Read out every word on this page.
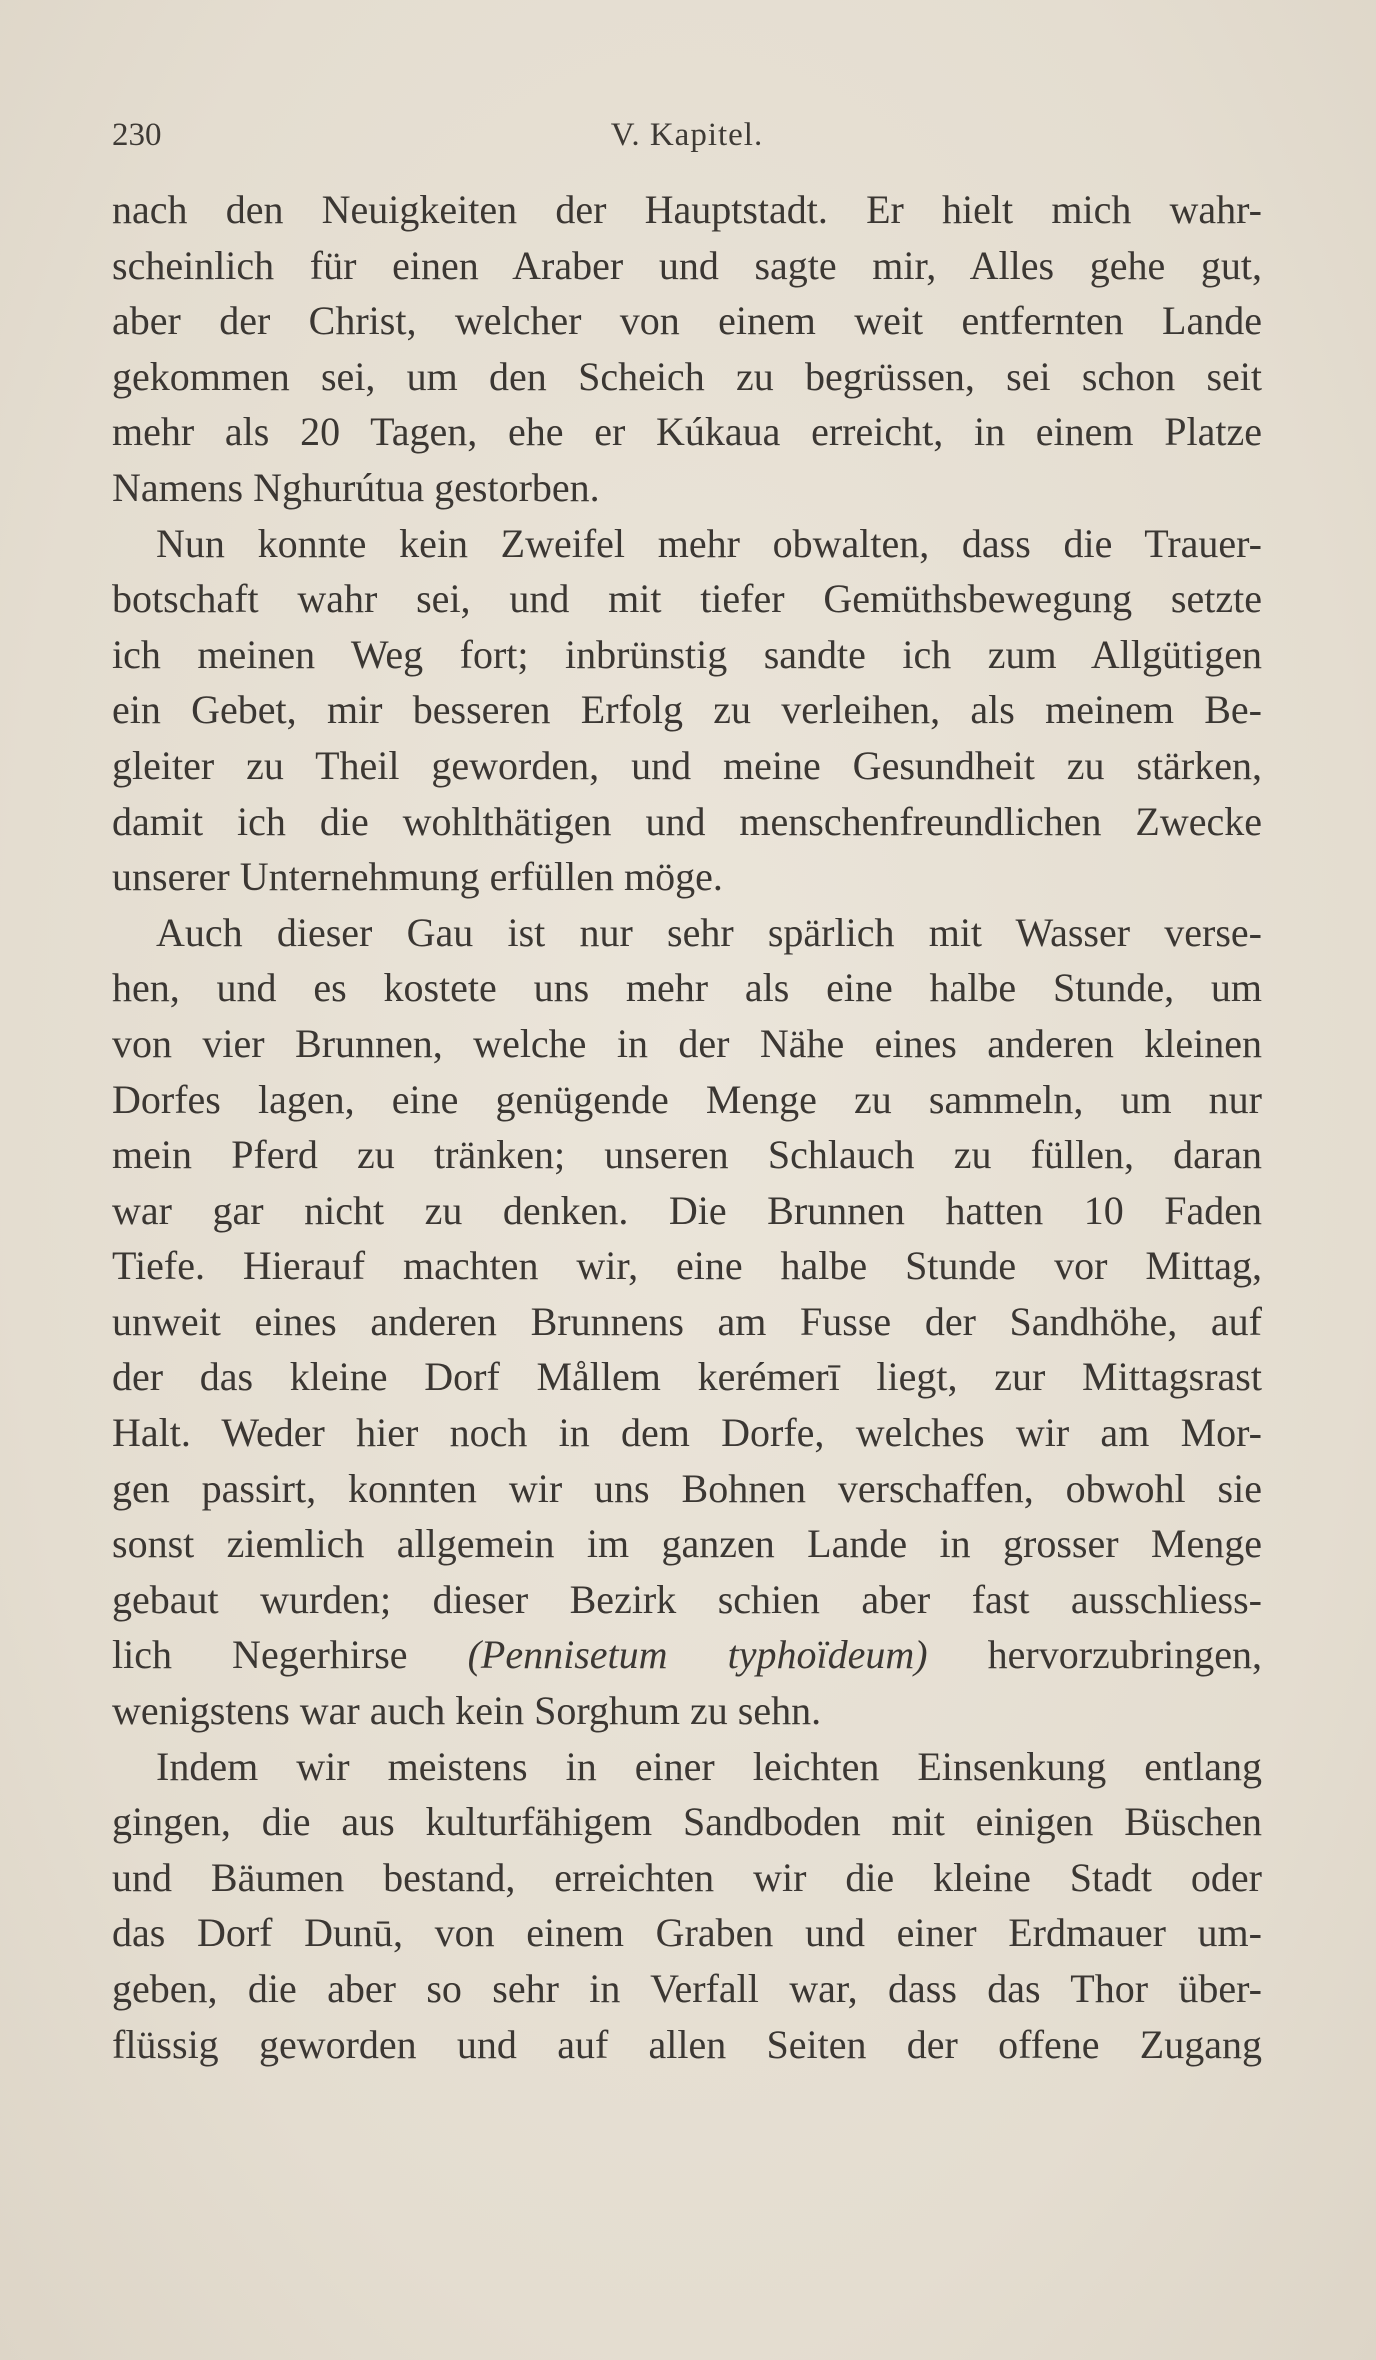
230	V. Kapitel.
nach den Neuigkeiten der Hauptstadt. Er hielt mich wahr-
scheinlich für einen Araber und sagte mir, Alles gehe gut,
aber der Christ, welcher von einem weit entfernten Lande
gekommen sei, um den Scheich zu begrüssen, sei schon seit
mehr als 20 Tagen, ehe er Kúkaua erreicht, in einem Platze
Namens Nghurútua gestorben.
Nun konnte kein Zweifel mehr obwalten, dass die Trauer-
botschaft wahr sei, und mit tiefer Gemüthsbewegung setzte
ich meinen Weg fort; inbrünstig sandte ich zum Allgütigen
ein Gebet, mir besseren Erfolg zu verleihen, als meinem Be-
gleiter zu Theil geworden, und meine Gesundheit zu stärken,
damit ich die wohlthätigen und menschenfreundlichen Zwecke
unserer Unternehmung erfüllen möge.
Auch dieser Gau ist nur sehr spärlich mit Wasser verse-
hen, und es kostete uns mehr als eine halbe Stunde, um
von vier Brunnen, welche in der Nähe eines anderen kleinen
Dorfes lagen, eine genügende Menge zu sammeln, um nur
mein Pferd zu tränken; unseren Schlauch zu füllen, daran
war gar nicht zu denken. Die Brunnen hatten 10 Faden
Tiefe. Hierauf machten wir, eine halbe Stunde vor Mittag,
unweit eines anderen Brunnens am Fusse der Sandhöhe, auf
der das kleine Dorf Mållem kerémerī liegt, zur Mittagsrast
Halt. Weder hier noch in dem Dorfe, welches wir am Mor-
gen passirt, konnten wir uns Bohnen verschaffen, obwohl sie
sonst ziemlich allgemein im ganzen Lande in grosser Menge
gebaut wurden; dieser Bezirk schien aber fast ausschliess-
lich Negerhirse (Pennisetum typhoïdeum) hervorzubringen,
wenigstens war auch kein Sorghum zu sehn.
Indem wir meistens in einer leichten Einsenkung entlang
gingen, die aus kulturfähigem Sandboden mit einigen Büschen
und Bäumen bestand, erreichten wir die kleine Stadt oder
das Dorf Dunū, von einem Graben und einer Erdmauer um-
geben, die aber so sehr in Verfall war, dass das Thor über-
flüssig geworden und auf allen Seiten der offene Zugang
